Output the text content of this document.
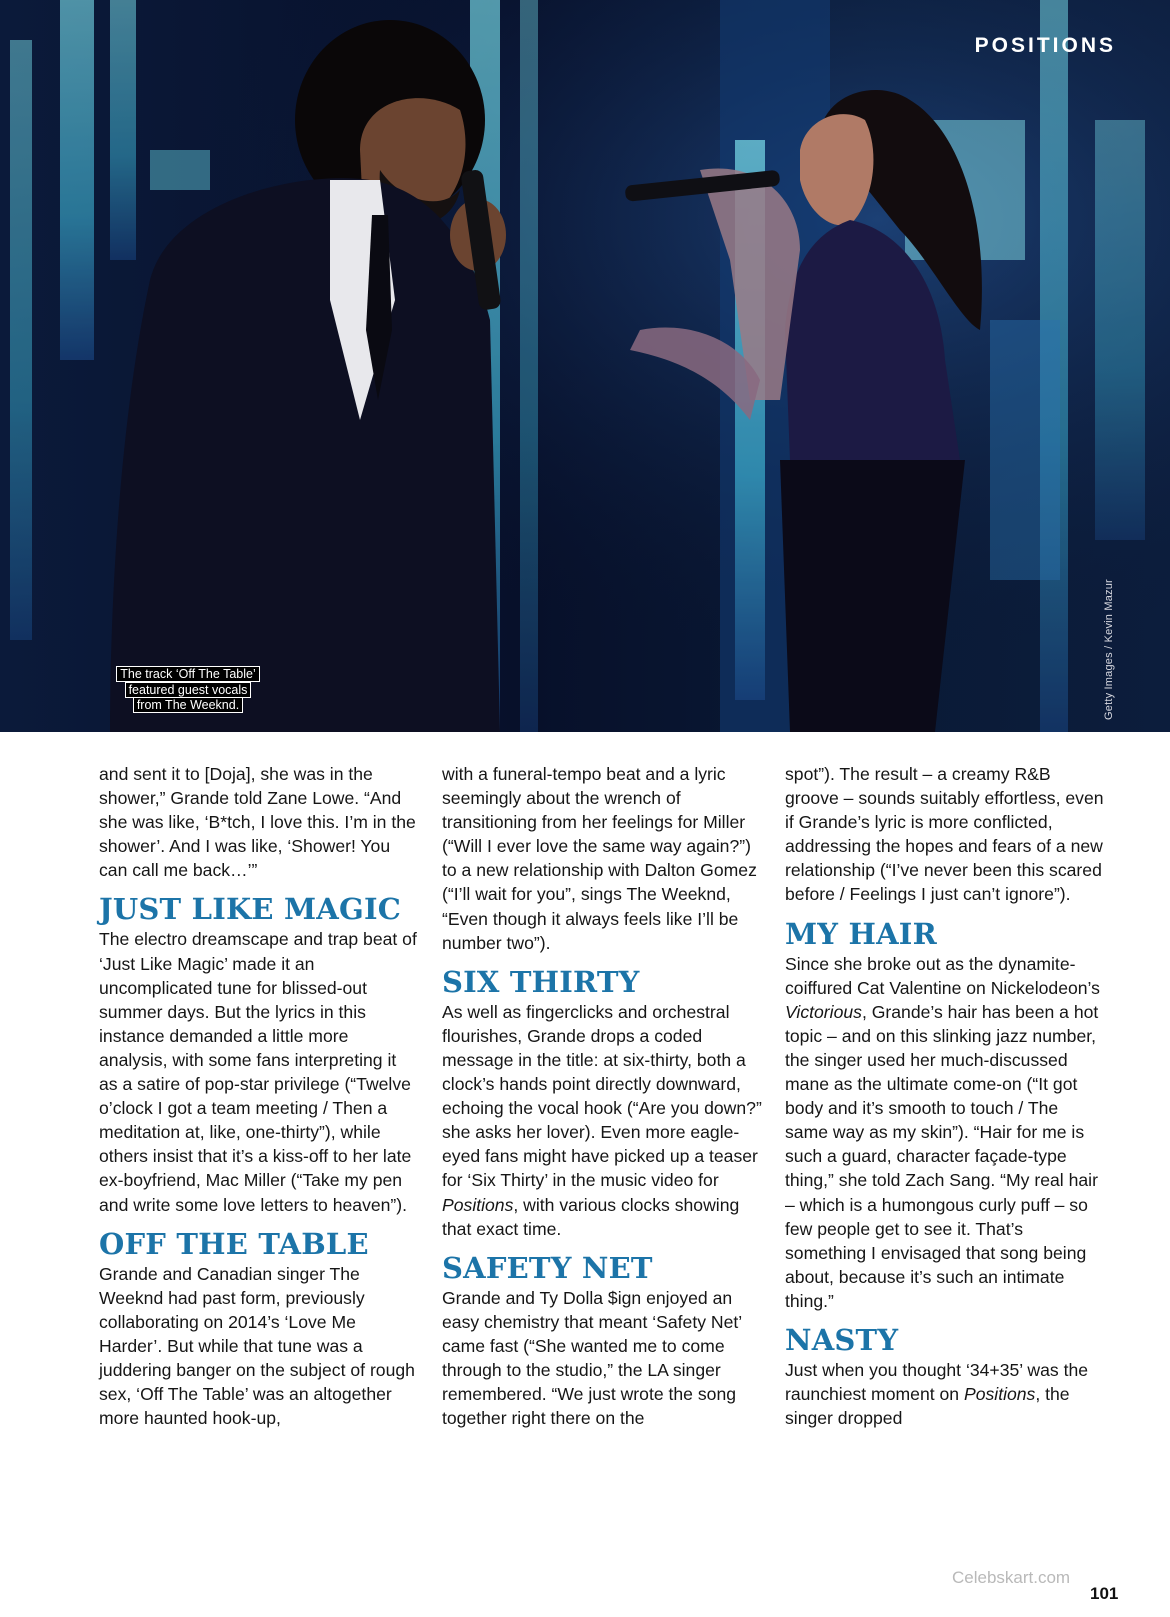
POSITIONS
The track ‘Off The Table’
featured guest vocals
from The Weeknd.	Getty Images / Kevin Mazur

and sent it to [Doja], she was in the shower,” Grande told Zane Lowe. “And she was like, ‘B*tch, I love this. I’m in the shower’. And I was like, ‘Shower! You can call me back…’”

JUST LIKE MAGIC

The electro dreamscape and trap beat of ‘Just Like Magic’ made it an uncomplicated tune for blissed-out summer days. But the lyrics in this instance demanded a little more analysis, with some fans interpreting it as a satire of pop-star privilege (“Twelve o’clock I got a team meeting / Then a meditation at, like, one-thirty”), while others insist that it’s a kiss-off to her late ex-boyfriend, Mac Miller (“Take my pen and write some love letters to heaven”).

OFF THE TABLE

Grande and Canadian singer The Weeknd had past form, previously collaborating on 2014’s ‘Love Me Harder’. But while that tune was a juddering banger on the subject of rough sex, ‘Off The Table’ was an altogether more haunted hook-up,

with a funeral-tempo beat and a lyric seemingly about the wrench of transitioning from her feelings for Miller (“Will I ever love the same way again?”) to a new relationship with Dalton Gomez (“I’ll wait for you”, sings The Weeknd, “Even though it always feels like I’ll be number two”).

SIX THIRTY

As well as fingerclicks and orchestral flourishes, Grande drops a coded message in the title: at six-thirty, both a clock’s hands point directly downward, echoing the vocal hook (“Are you down?” she asks her lover). Even more eagle-eyed fans might have picked up a teaser for ‘Six Thirty’ in the music video for Positions, with various clocks showing that exact time.

SAFETY NET

Grande and Ty Dolla $ign enjoyed an easy chemistry that meant ‘Safety Net’ came fast (“She wanted me to come through to the studio,” the LA singer remembered. “We just wrote the song together right there on the

spot”). The result – a creamy R&B groove – sounds suitably effortless, even if Grande’s lyric is more conflicted, addressing the hopes and fears of a new relationship (“I’ve never been this scared before / Feelings I just can’t ignore”).

MY HAIR

Since she broke out as the dynamite-coiffured Cat Valentine on Nickelodeon’s Victorious, Grande’s hair has been a hot topic – and on this slinking jazz number, the singer used her much-discussed mane as the ultimate come-on (“It got body and it’s smooth to touch / The same way as my skin”). “Hair for me is such a guard, character façade-type thing,” she told Zach Sang. “My real hair – which is a humongous curly puff – so few people get to see it. That’s something I envisaged that song being about, because it’s such an intimate thing.”

NASTY

Just when you thought ‘34+35’ was the raunchiest moment on Positions, the singer dropped

Celebskart.com
101
